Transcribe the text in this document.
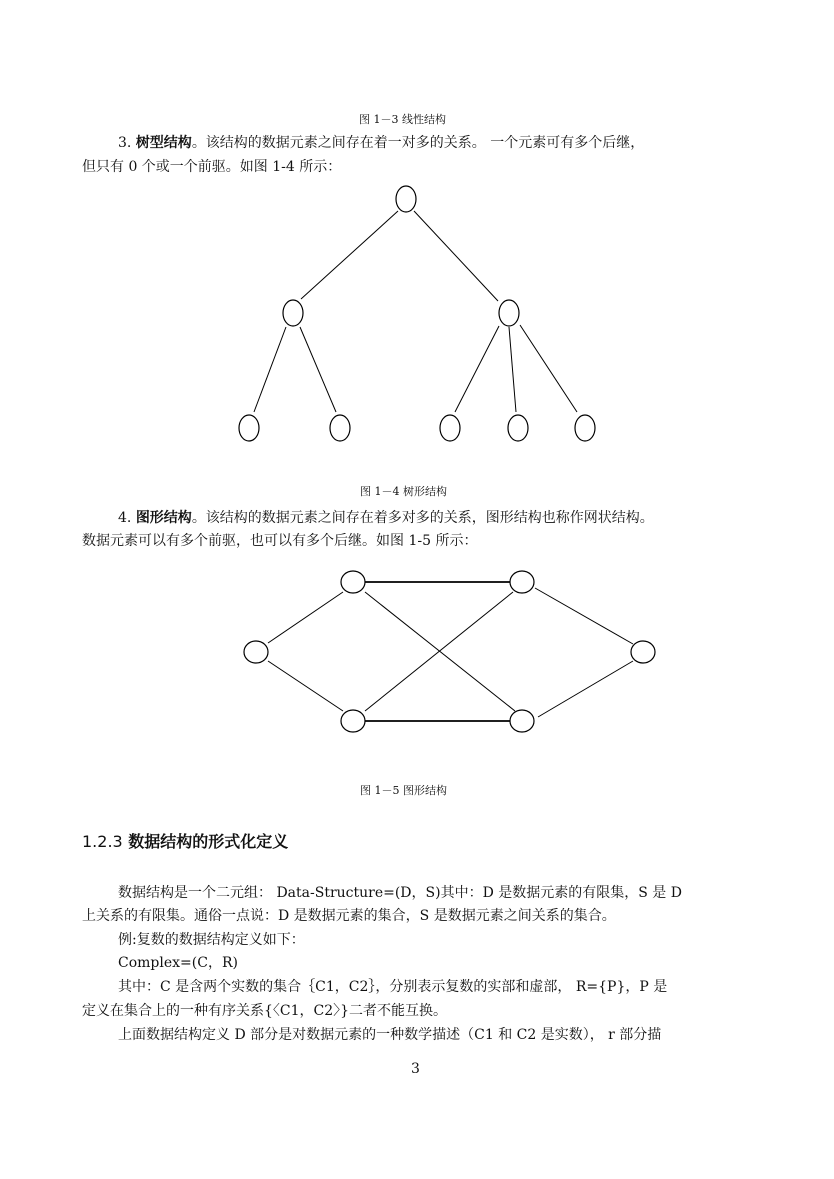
图 1－3 线性结构
3. 树型结构。该结构的数据元素之间存在着一对多的关系。 一个元素可有多个后继，
但只有 0 个或一个前驱。如图 1-4 所示：
图 1－4 树形结构
4. 图形结构。该结构的数据元素之间存在着多对多的关系，图形结构也称作网状结构。
数据元素可以有多个前驱，也可以有多个后继。如图 1-5 所示：
图 1－5 图形结构
1.2.3 数据结构的形式化定义
数据结构是一个二元组： Data-Structure=(D，S)其中：D 是数据元素的有限集，S 是 D
上关系的有限集。通俗一点说：D 是数据元素的集合，S 是数据元素之间关系的集合。
例:复数的数据结构定义如下：
Complex=(C，R)
其中：C 是含两个实数的集合｛C1，C2｝，分别表示复数的实部和虚部， R={P}，P 是
定义在集合上的一种有序关系{〈C1，C2〉}二者不能互换。
上面数据结构定义 D 部分是对数据元素的一种数学描述（C1 和 C2 是实数）， r 部分描
3
